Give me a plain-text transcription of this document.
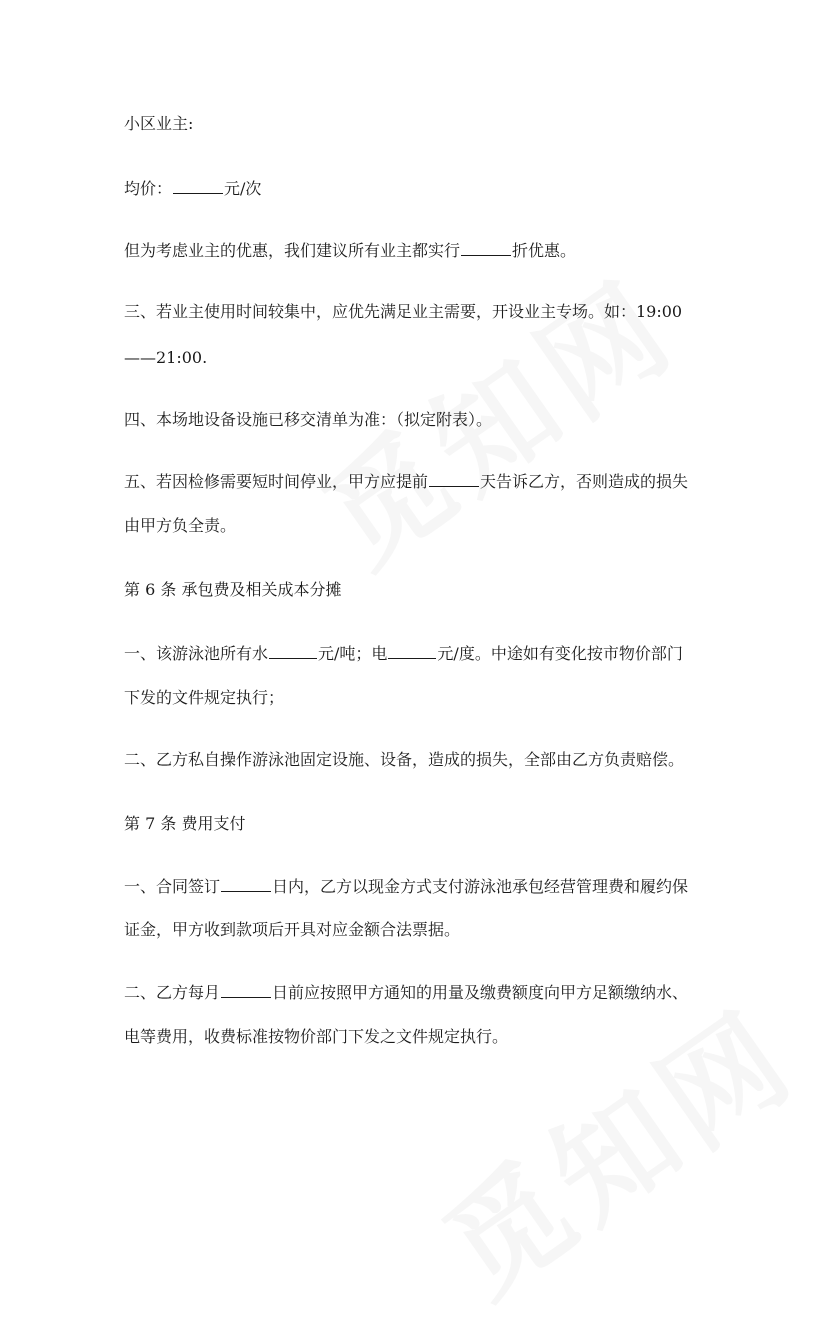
小区业主:
均价：	元/次
但为考虑业主的优惠，我们建议所有业主都实行	折优惠。
三、若业主使用时间较集中，应优先满足业主需要，开设业主专场。如：19:00
——21:00.
四、本场地设备设施已移交清单为准：（拟定附表）。
五、若因检修需要短时间停业，甲方应提前	天告诉乙方，否则造成的损失
由甲方负全责。
第 6 条 承包费及相关成本分摊
一、该游泳池所有水	元/吨；电	元/度。中途如有变化按市物价部门
下发的文件规定执行；
二、乙方私自操作游泳池固定设施、设备，造成的损失，全部由乙方负责赔偿。
第 7 条 费用支付
一、合同签订	日内，乙方以现金方式支付游泳池承包经营管理费和履约保
证金，甲方收到款项后开具对应金额合法票据。
二、乙方每月	日前应按照甲方通知的用量及缴费额度向甲方足额缴纳水、
电等费用，收费标准按物价部门下发之文件规定执行。
